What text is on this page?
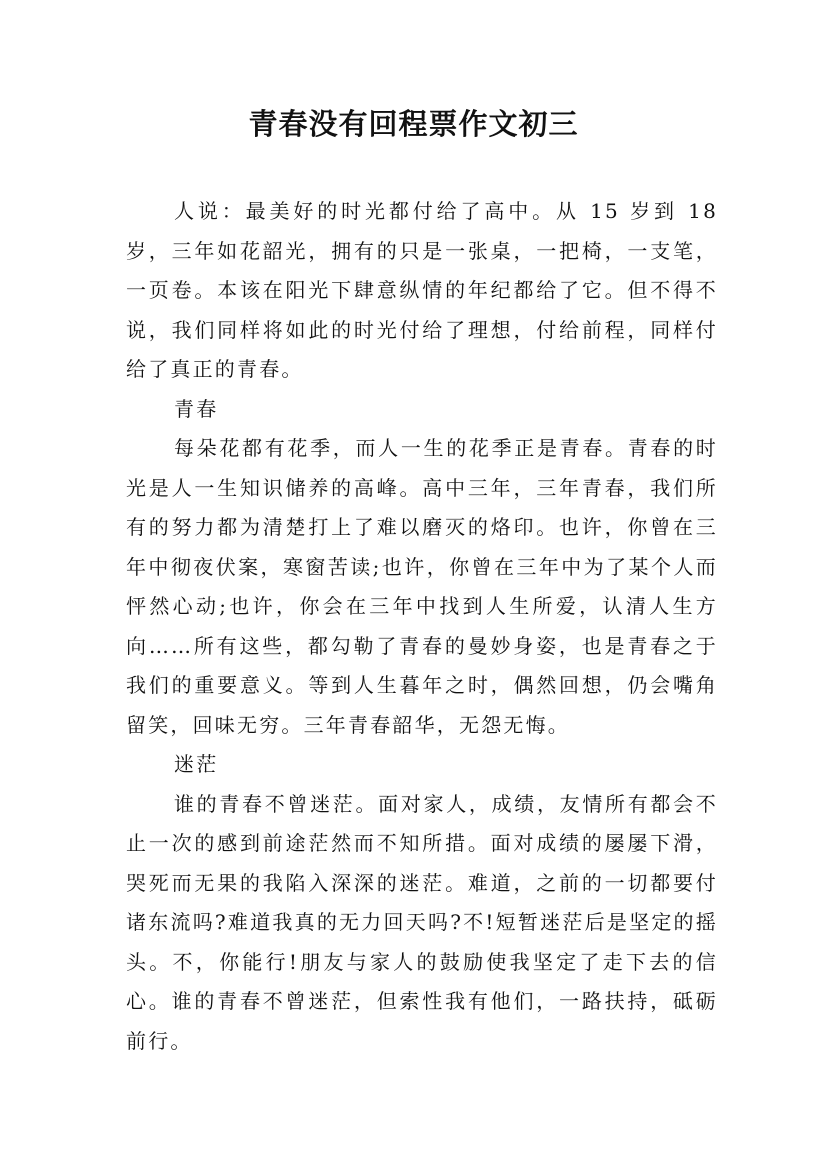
青春没有回程票作文初三

人说：最美好的时光都付给了高中。从 15 岁到 18 岁，三年如花韶光，拥有的只是一张桌，一把椅，一支笔，一页卷。本该在阳光下肆意纵情的年纪都给了它。但不得不说，我们同样将如此的时光付给了理想，付给前程，同样付给了真正的青春。

青春

每朵花都有花季，而人一生的花季正是青春。青春的时光是人一生知识储养的高峰。高中三年，三年青春，我们所有的努力都为清楚打上了难以磨灭的烙印。也许，你曾在三年中彻夜伏案，寒窗苦读;也许，你曾在三年中为了某个人而怦然心动;也许，你会在三年中找到人生所爱，认清人生方向……所有这些，都勾勒了青春的曼妙身姿，也是青春之于我们的重要意义。等到人生暮年之时，偶然回想，仍会嘴角留笑，回味无穷。三年青春韶华，无怨无悔。

迷茫

谁的青春不曾迷茫。面对家人，成绩，友情所有都会不止一次的感到前途茫然而不知所措。面对成绩的屡屡下滑，哭死而无果的我陷入深深的迷茫。难道，之前的一切都要付诸东流吗?难道我真的无力回天吗?不!短暂迷茫后是坚定的摇头。不，你能行!朋友与家人的鼓励使我坚定了走下去的信心。谁的青春不曾迷茫，但索性我有他们，一路扶持，砥砺前行。
